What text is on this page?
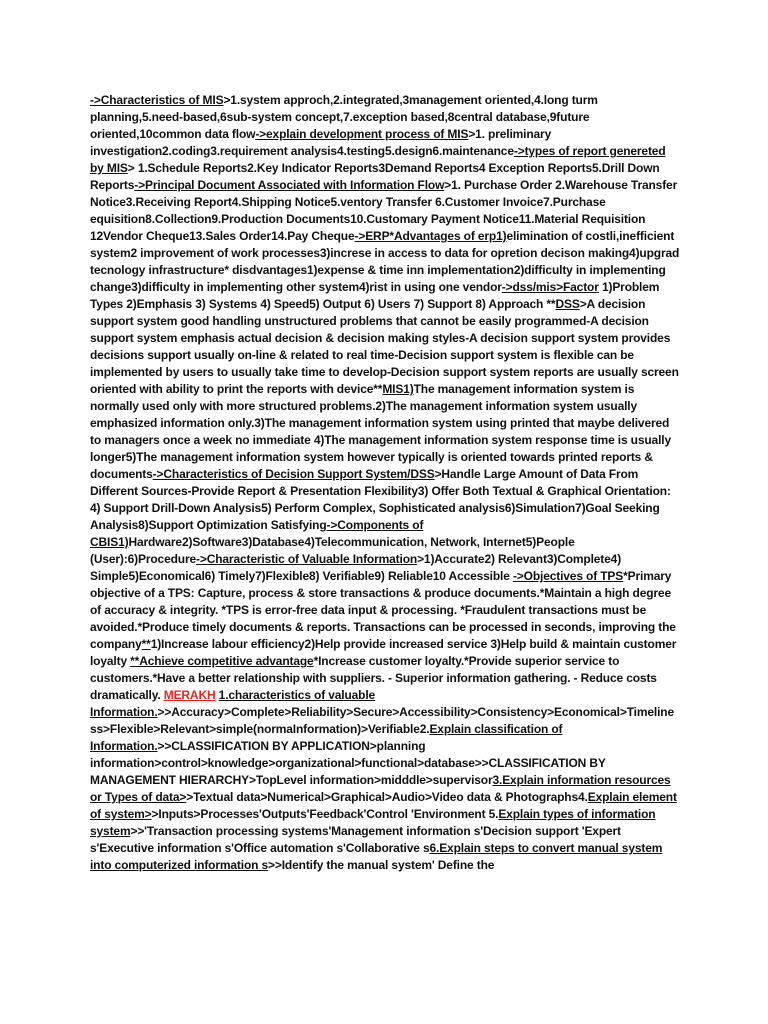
->Characteristics of MIS>1.system approch,2.integrated,3management oriented,4.long turm planning,5.need-based,6sub-system concept,7.exception based,8central database,9future oriented,10common data flow->explain development process of MIS>1. preliminary investigation2.coding3.requirement analysis4.testing5.design6.maintenance->types of report genereted by MIS> 1.Schedule Reports2.Key Indicator Reports3Demand Reports4 Exception Reports5.Drill Down Reports->Principal Document Associated with Information Flow>1. Purchase Order 2.Warehouse Transfer Notice3.Receiving Report4.Shipping Notice5.ventory Transfer 6.Customer Invoice7.Purchase equisition8.Collection9.Production Documents10.Customary Payment Notice11.Material Requisition 12Vendor Cheque13.Sales Order14.Pay Cheque->ERP*Advantages of erp1)elimination of costli,inefficient system2 improvement of work processes3)increse in access to data for opretion decison making4)upgrad tecnology infrastructure* disdvantages1)expense & time inn implementation2)difficulty in implementing change3)difficulty in implementing other system4)rist in using one vendor->dss/mis>Factor 1)Problem Types 2)Emphasis 3) Systems 4) Speed5) Output 6) Users 7) Support 8) Approach **DSS>A decision support system good handling unstructured problems that cannot be easily programmed-A decision support system emphasis actual decision & decision making styles-A decision support system provides decisions support usually on-line & related to real time-Decision support system is flexible can be implemented by users to usually take time to develop-Decision support system reports are usually screen oriented with ability to print the reports with device**MIS1)The management information system is normally used only with more structured problems.2)The management information system usually emphasized information only.3)The management information system using printed that maybe delivered to managers once a week no immediate 4)The management information system response time is usually longer5)The management information system however typically is oriented towards printed reports & documents->Characteristics of Decision Support System/DSS>Handle Large Amount of Data From Different Sources-Provide Report & Presentation Flexibility3) Offer Both Textual & Graphical Orientation: 4) Support Drill-Down Analysis5) Perform Complex, Sophisticated analysis6)Simulation7)Goal Seeking Analysis8)Support Optimization Satisfying->Components of CBIS1)Hardware2)Software3)Database4)Telecommunication, Network, Internet5)People (User):6)Procedure->Characteristic of Valuable Information>1)Accurate2) Relevant3)Complete4) Simple5)Economical6) Timely7)Flexible8) Verifiable9) Reliable10 Accessible ->Objectives of TPS*Primary objective of a TPS: Capture, process & store transactions & produce documents.*Maintain a high degree of accuracy & integrity. *TPS is error-free data input & processing. *Fraudulent transactions must be avoided.*Produce timely documents & reports. Transactions can be processed in seconds, improving the company**1)Increase labour efficiency2)Help provide increased service 3)Help build & maintain customer loyalty **Achieve competitive advantage*Increase customer loyalty.*Provide superior service to customers.*Have a better relationship with suppliers. - Superior information gathering. - Reduce costs dramatically. MERAKH 1.characteristics of valuable Information.>>Accuracy>Complete>Reliability>Secure>Accessibility>Consistency>Economical>Timeliness>Flexible>Relevant>simple(normaInformation)>Verifiable2.Explain classification of Information.>>CLASSIFICATION BY APPLICATION>planning information>control>knowledge>organizational>functional>database>>CLASSIFICATION BY MANAGEMENT HIERARCHY>TopLevel information>midddle>supervisor3.Explain information resources or Types of data>>Textual data>Numerical>Graphical>Audio>Video data & Photographs4.Explain element of system>>Inputs>Processes'Outputs'Feedback'Control 'Environment 5.Explain types of information system>>'Transaction processing systems'Management information s'Decision support 'Expert s'Executive information s'Office automation s'Collaborative s6.Explain steps to convert manual system into computerized information s>>Identify the manual system' Define the
